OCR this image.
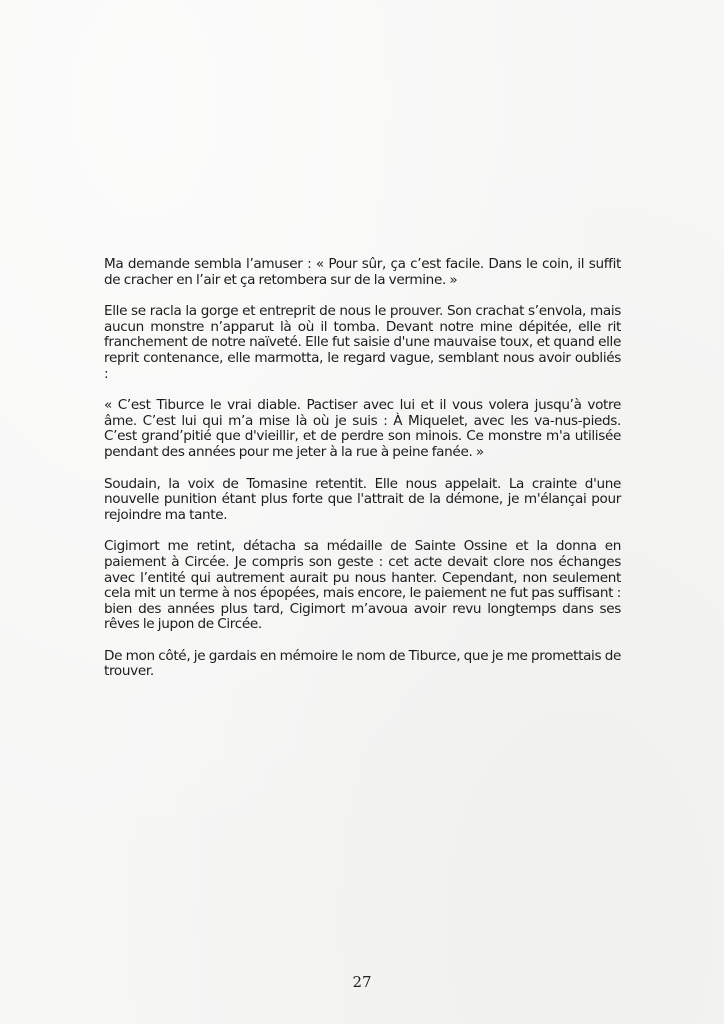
Ma demande sembla l’amuser : « Pour sûr, ça c’est facile. Dans le coin, il suffit de cracher en l’air et ça retombera sur de la vermine. »

Elle se racla la gorge et entreprit de nous le prouver. Son crachat s’envola, mais aucun monstre n’apparut là où il tomba. Devant notre mine dépitée, elle rit franchement de notre naïveté. Elle fut saisie d'une mauvaise toux, et quand elle reprit contenance, elle marmotta, le regard vague, semblant nous avoir oubliés :

« C’est Tiburce le vrai diable. Pactiser avec lui et il vous volera jusqu’à votre âme. C’est lui qui m’a mise là où je suis : À Miquelet, avec les va-nus-pieds. C’est grand’pitié que d'vieillir, et de perdre son minois. Ce monstre m'a utilisée pendant des années pour me jeter à la rue à peine fanée. »

Soudain, la voix de Tomasine retentit. Elle nous appelait. La crainte d'une nouvelle punition étant plus forte que l'attrait de la démone, je m'élançai pour rejoindre ma tante.

Cigimort me retint, détacha sa médaille de Sainte Ossine et la donna en paiement à Circée. Je compris son geste : cet acte devait clore nos échanges avec l’entité qui autrement aurait pu nous hanter. Cependant, non seulement cela mit un terme à nos épopées, mais encore, le paiement ne fut pas suffisant : bien des années plus tard, Cigimort m’avoua avoir revu longtemps dans ses rêves le jupon de Circée.

De mon côté, je gardais en mémoire le nom de Tiburce, que je me promettais de trouver.

27
